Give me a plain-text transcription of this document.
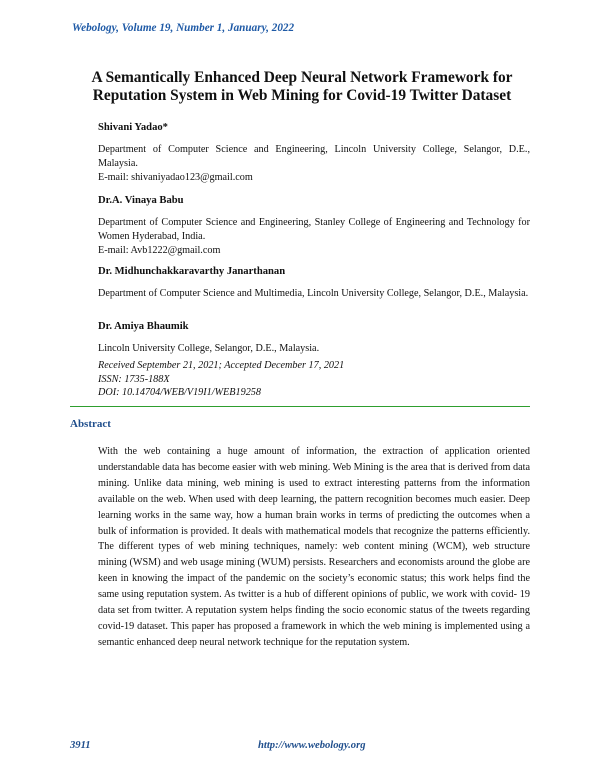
Webology, Volume 19, Number 1, January, 2022
A Semantically Enhanced Deep Neural Network Framework for Reputation System in Web Mining for Covid-19 Twitter Dataset
Shivani Yadao*
Department of Computer Science and Engineering, Lincoln University College, Selangor, D.E., Malaysia.
E-mail: shivaniyadao123@gmail.com
Dr.A. Vinaya Babu
Department of Computer Science and Engineering, Stanley College of Engineering and Technology for Women Hyderabad, India.
E-mail: Avb1222@gmail.com
Dr. Midhunchakkaravarthy Janarthanan
Department of Computer Science and Multimedia, Lincoln University College, Selangor, D.E., Malaysia.
Dr. Amiya Bhaumik
Lincoln University College, Selangor, D.E., Malaysia.
Received September 21, 2021; Accepted December 17, 2021
ISSN: 1735-188X
DOI: 10.14704/WEB/V19I1/WEB19258
Abstract

With the web containing a huge amount of information, the extraction of application oriented understandable data has become easier with web mining. Web Mining is the area that is derived from data mining. Unlike data mining, web mining is used to extract interesting patterns from the information available on the web. When used with deep learning, the pattern recognition becomes much easier. Deep learning works in the same way, how a human brain works in terms of predicting the outcomes when a bulk of information is provided. It deals with mathematical models that recognize the patterns efficiently. The different types of web mining techniques, namely: web content mining (WCM), web structure mining (WSM) and web usage mining (WUM) persists. Researchers and economists around the globe are keen in knowing the impact of the pandemic on the society’s economic status; this work helps find the same using reputation system. As twitter is a hub of different opinions of public, we work with covid- 19 data set from twitter. A reputation system helps finding the socio economic status of the tweets regarding covid-19 dataset. This paper has proposed a framework in which the web mining is implemented using a semantic enhanced deep neural network technique for the reputation system.

3911	http://www.webology.org
